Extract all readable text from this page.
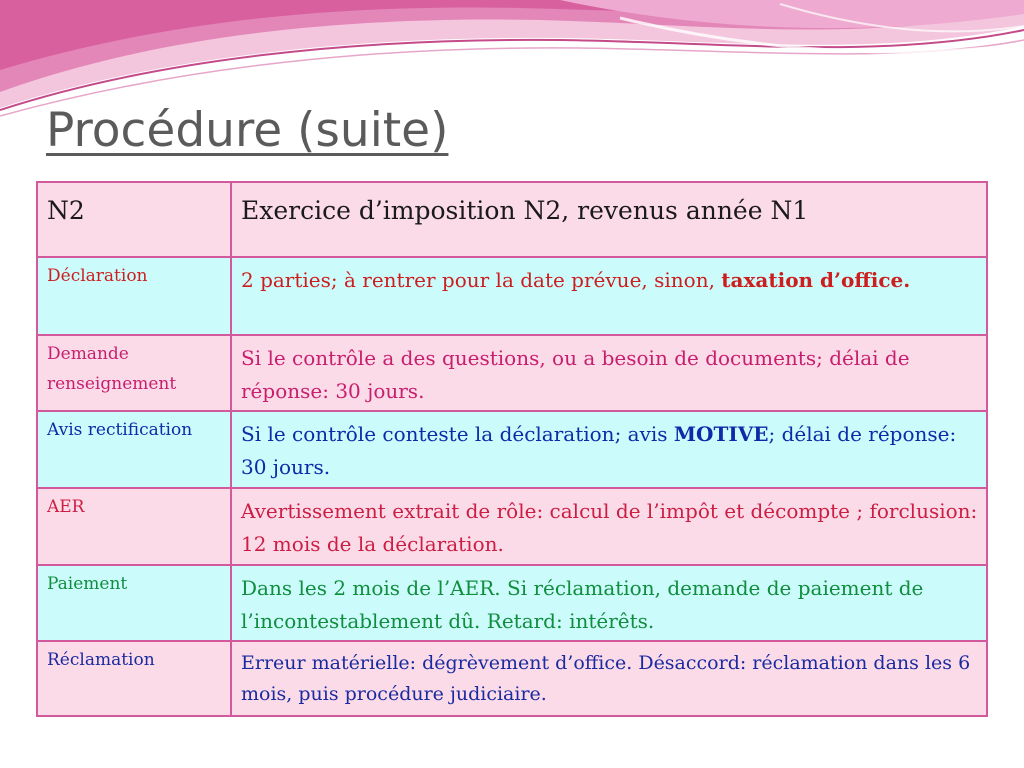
Procédure (suite)
N2	Exercice d’imposition N2, revenus année N1
Déclaration	2 parties; à rentrer pour la date prévue, sinon, taxation d’office.
Demande renseignement	Si le contrôle a des questions, ou a besoin de documents; délai de réponse: 30 jours.
Avis rectification	Si le contrôle conteste la déclaration; avis MOTIVE; délai de réponse: 30 jours.
AER	Avertissement extrait de rôle: calcul de l’impôt et décompte ; forclusion: 12 mois de la déclaration.
Paiement	Dans les 2 mois de l’AER. Si réclamation, demande de paiement de l’incontestablement dû. Retard: intérêts.
Réclamation	Erreur matérielle: dégrèvement d’office. Désaccord: réclamation dans les 6 mois, puis procédure judiciaire.
